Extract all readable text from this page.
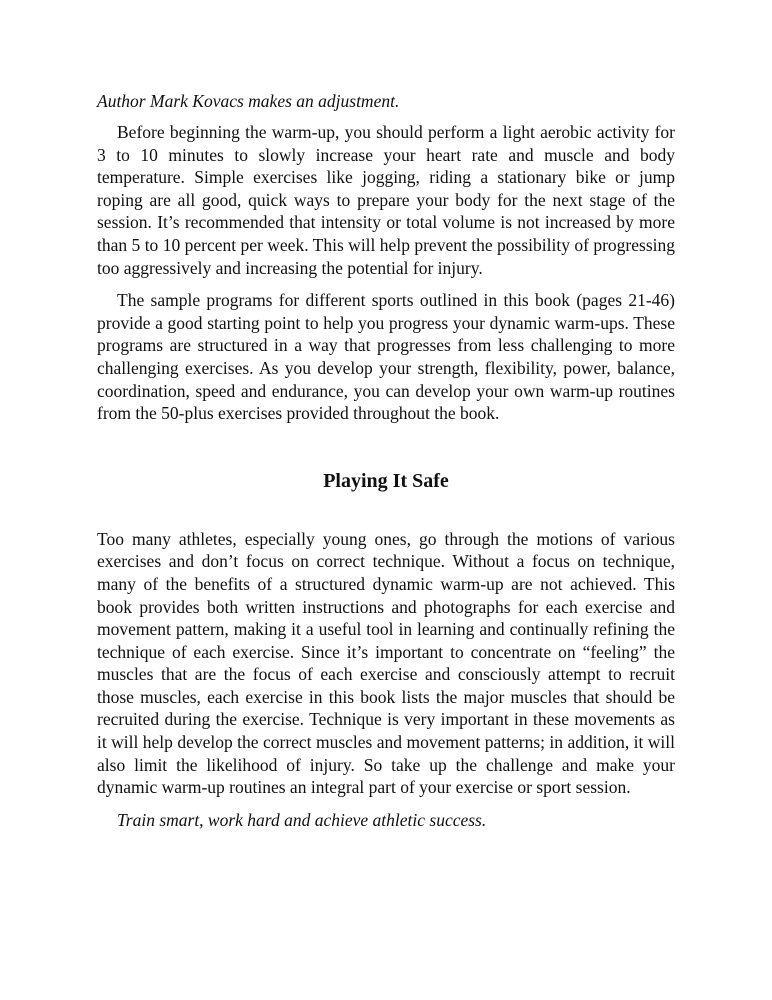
Author Mark Kovacs makes an adjustment.

Before beginning the warm-up, you should perform a light aerobic activity for 3 to 10 minutes to slowly increase your heart rate and muscle and body temperature. Simple exercises like jogging, riding a stationary bike or jump roping are all good, quick ways to prepare your body for the next stage of the session. It’s recommended that intensity or total volume is not increased by more than 5 to 10 percent per week. This will help prevent the possibility of progressing too aggressively and increasing the potential for injury.

The sample programs for different sports outlined in this book (pages 21-46) provide a good starting point to help you progress your dynamic warm-ups. These programs are structured in a way that progresses from less challenging to more challenging exercises. As you develop your strength, flexibility, power, balance, coordination, speed and endurance, you can develop your own warm-up routines from the 50-plus exercises provided throughout the book.

Playing It Safe

Too many athletes, especially young ones, go through the motions of various exercises and don’t focus on correct technique. Without a focus on technique, many of the benefits of a structured dynamic warm-up are not achieved. This book provides both written instructions and photographs for each exercise and movement pattern, making it a useful tool in learning and continually refining the technique of each exercise. Since it’s important to concentrate on “feeling” the muscles that are the focus of each exercise and consciously attempt to recruit those muscles, each exercise in this book lists the major muscles that should be recruited during the exercise. Technique is very important in these movements as it will help develop the correct muscles and movement patterns; in addition, it will also limit the likelihood of injury. So take up the challenge and make your dynamic warm-up routines an integral part of your exercise or sport session.

Train smart, work hard and achieve athletic success.
